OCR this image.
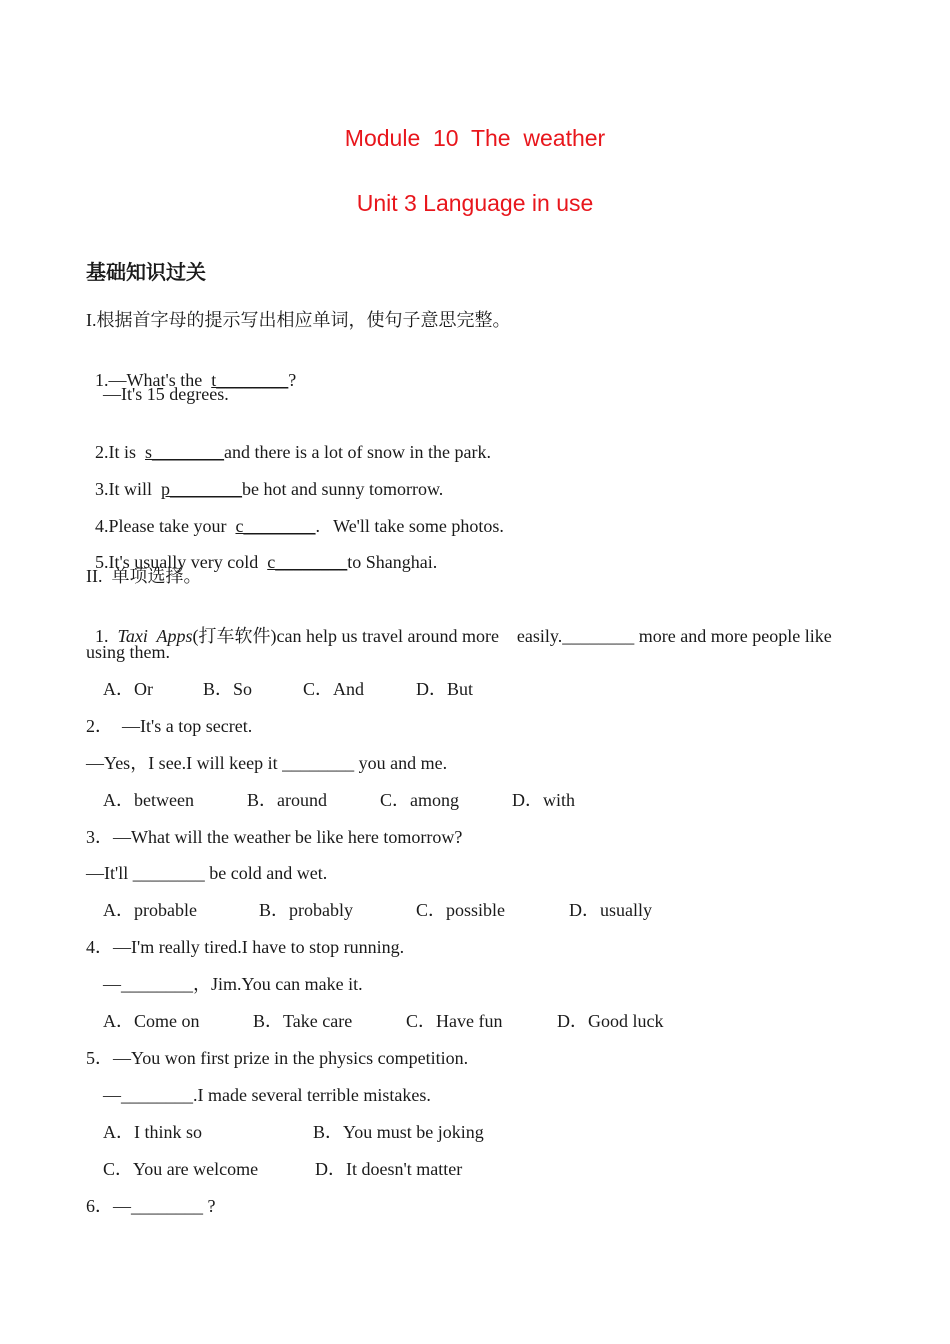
Module  10  The  weather
Unit 3 Language in use
基础知识过关
I.根据首字母的提示写出相应单词，使句子意思完整。

1.—What's the  t________?

—It's 15 degrees.

2.It is  s________and there is a lot of snow in the park.

3.It will  p________be hot and sunny tomorrow.

4.Please take your  c________.   We'll take some photos.

5.It's usually very cold  c________to Shanghai.

II.  单项选择。

1.  Taxi  Apps(打车软件)can help us travel around more    easily.________ more and more people like

using them.
A．Or	B．So	C．And	D．But
2．  —It's a top secret.
—Yes，I see.I will keep it ________ you and me.
A．between	B．around	C．among	D．with
3．—What will the weather be like here tomorrow?
—It'll ________ be cold and wet.
A．probable	B．probably	C．possible	D．usually
4．—I'm really tired.I have to stop running.
—________，Jim.You can make it.
A．Come on	B．Take care	C．Have fun	D．Good luck
5．—You won first prize in the physics competition.
—________.I made several terrible mistakes.
A．I think so	B．You must be joking
C．You are welcome	D．It doesn't matter
6．—________ ?
